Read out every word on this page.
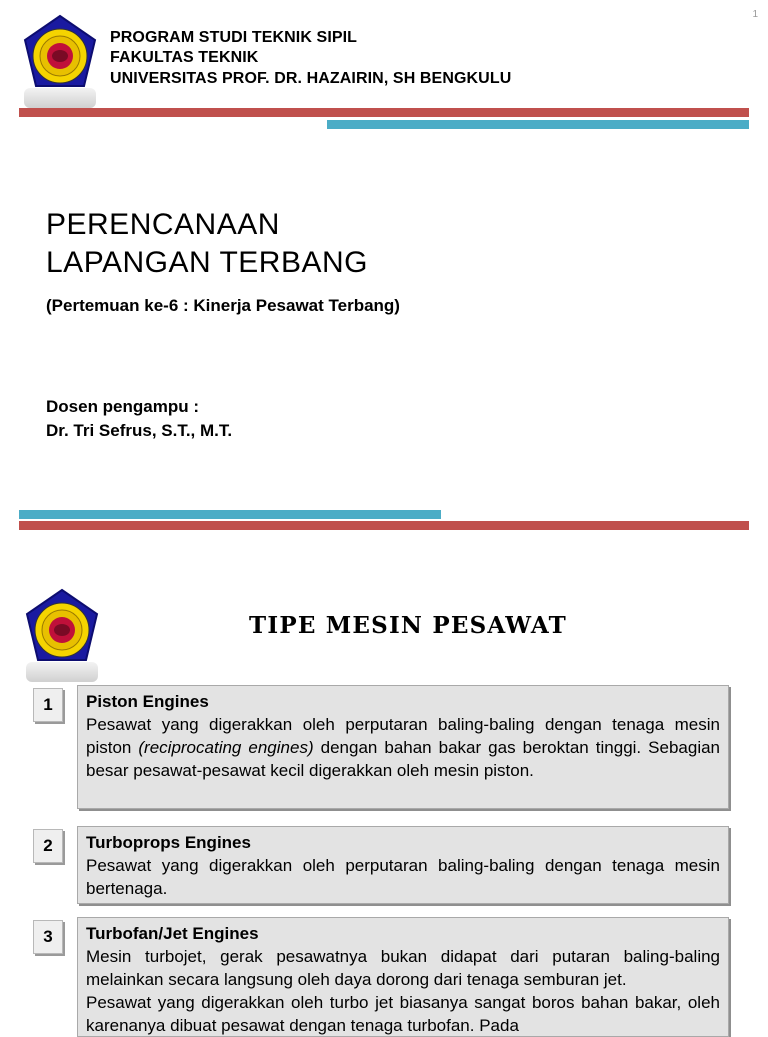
1
PROGRAM STUDI TEKNIK SIPIL
FAKULTAS TEKNIK
UNIVERSITAS PROF. DR. HAZAIRIN, SH BENGKULU
PERENCANAAN
LAPANGAN TERBANG
(Pertemuan ke-6 : Kinerja Pesawat Terbang)
Dosen pengampu :
Dr. Tri Sefrus, S.T., M.T.
TIPE MESIN PESAWAT
1	Piston Engines
Pesawat yang digerakkan oleh perputaran baling-baling dengan tenaga mesin piston (reciprocating engines) dengan bahan bakar gas beroktan tinggi. Sebagian besar pesawat-pesawat kecil digerakkan oleh mesin piston.
2	Turboprops Engines
Pesawat yang digerakkan oleh perputaran baling-baling dengan tenaga mesin bertenaga.
3	Turbofan/Jet Engines
Mesin turbojet, gerak pesawatnya bukan didapat dari putaran baling-baling melainkan secara langsung oleh daya dorong dari tenaga semburan jet.
Pesawat yang digerakkan oleh turbo jet biasanya sangat boros bahan bakar, oleh karenanya dibuat pesawat dengan tenaga turbofan. Pada
